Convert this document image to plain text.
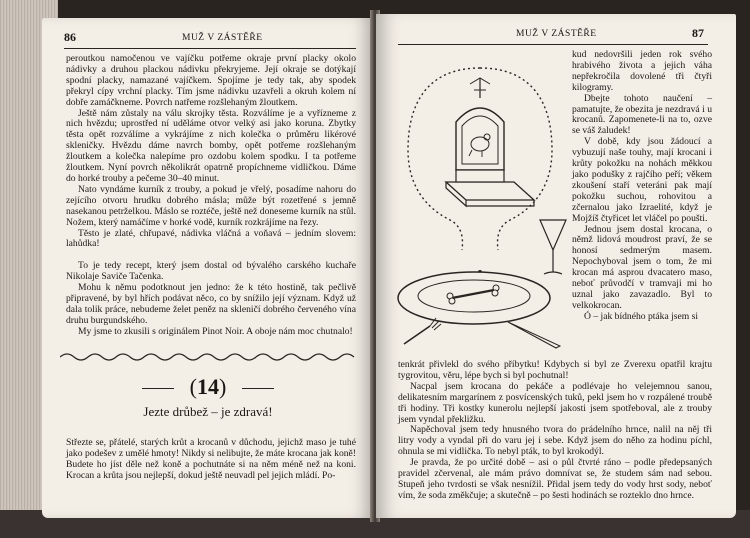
86	MUŽ V ZÁSTĚŘE

peroutkou namočenou ve vajíčku potřeme okraje první placky okolo nádivky a druhou plackou nádivku překryjeme. Její okraje se dotýkají spodní placky, namazané vajíčkem. Spojíme je tedy tak, aby spodek překryl cípy vrchní placky. Tím jsme nádivku uzavřeli a okruh kolem ní dobře zamáčkneme. Povrch natřeme rozšlehaným žloutkem.

Ještě nám zůstaly na válu skrojky těsta. Rozválíme je a vyřízneme z nich hvězdu; uprostřed ní uděláme otvor velký asi jako koruna. Zbytky těsta opět rozválíme a vykrájíme z nich kolečka o průměru likérové skleničky. Hvězdu dáme navrch bomby, opět potřeme rozšlehaným žloutkem a kolečka nalepíme pro ozdobu kolem spodku. I ta potřeme žloutkem. Nyní povrch několikrát opatrně propíchneme vidličkou. Dáme do horké trouby a pečeme 30–40 minut.

Nato vyndáme kurník z trouby, a pokud je vřelý, posadíme nahoru do zejícího otvoru hrudku dobrého másla; může být rozetřené s jemně nasekanou petrželkou. Máslo se roztéče, ještě než doneseme kurník na stůl. Nožem, který namáčíme v horké vodě, kurník rozkrájíme na řezy.

Těsto je zlaté, chřupavé, nádivka vláčná a voňavá – jedním slovem: lahůdka!

To je tedy recept, který jsem dostal od bývalého carského kuchaře Nikolaje Saviče Tačenka.

Mohu k němu podotknout jen jedno: že k této hostině, tak pečlivě připravené, by byl hřích podávat něco, co by snížilo její význam. Když už dala tolik práce, nebudeme želet peněz na skleničí dobrého červeného vína druhu burgundského.

My jsme to zkusili s originálem Pinot Noir. A oboje nám moc chutnalo!

(14)
Jezte drůbež – je zdravá!

Střezte se, přátelé, starých krůt a krocanů v důchodu, jejichž maso je tuhé jako podešev z umělé hmoty! Nikdy si nelibujte, že máte krocana jak koně! Budete ho jíst děle než koně a pochutnáte si na něm méně než na koni. Krocan a krůta jsou nejlepší, dokud ještě neuvadl pel jejich mládí. Po-

MUŽ V ZÁSTĚŘE	87

kud nedovršili jeden rok svého hrabivého života a jejich váha nepřekročila dovolené tři čtyři kilogramy.

Dbejte tohoto naučení – pamatujte, že obezita je nezdravá i u krocanů. Zapomenete-li na to, ozve se váš žaludek!

V době, kdy jsou žádoucí a vybuzují naše touhy, mají krocani i krůty pokožku na nohách měkkou jako podušky z rajčího peří; věkem zkoušení staří veteráni pak mají pokožku suchou, rohovitou a zčernalou jako Izraelité, když je Mojžíš čtyřicet let vláčel po poušti.

Jednou jsem dostal krocana, o němž lidová moudrost praví, že se honosí sedmerým masem. Nepochyboval jsem o tom, že mi krocan má asprou dvacatero maso, neboť průvodčí v tramvaji mi ho uznal jako zavazadlo. Byl to velkokrocan.

Ó – jak bídného ptáka jsem si

tenkrát přivlekl do svého příbytku! Kdybych si byl ze Zverexu opatřil krajtu tygrovitou, věru, lépe bych si byl pochutnal!

Nacpal jsem krocana do pekáče a podlévaje ho velejemnou sanou, delikatesním margarínem z posvícenských tuků, pekl jsem ho v rozpálené troubě tři hodiny. Tři kostky kunerolu nejlepší jakosti jsem spotřeboval, ale z trouby jsem vyndal překližku.

Napěchoval jsem tedy hnusného tvora do prádelního hrnce, nalil na něj tři litry vody a vyndal při do varu jej i sebe. Když jsem do něho za hodinu píchl, ohnula se mi vidlička. To nebyl pták, to byl krokodýl.

Je pravda, že po určité době – asi o půl čtvrté ráno – podle předepsaných pravidel zčervenal, ale mám právo domnívat se, že studem sám nad sebou. Stupeň jeho tvrdosti se však nesnížil. Přidal jsem tedy do vody hrst sody, neboť vím, že soda změkčuje; a skutečně – po šesti hodinách se rozteklo dno hrnce.
